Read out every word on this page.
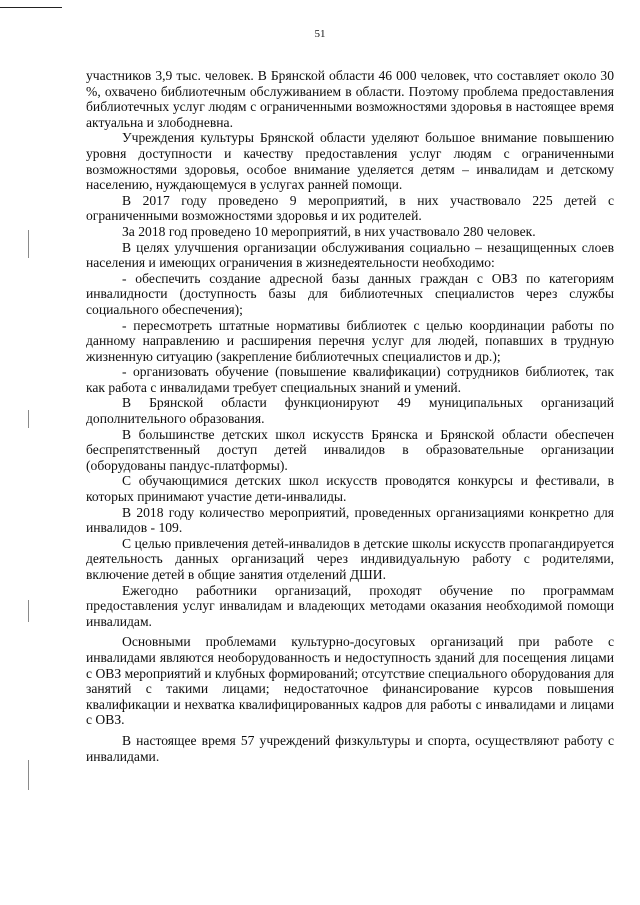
51

участников 3,9 тыс. человек. В Брянской области 46 000 человек, что составляет около 30 %, охвачено библиотечным обслуживанием в области. Поэтому проблема предоставления библиотечных услуг людям с ограниченными возможностями здоровья в настоящее время актуальна и злободневна.

Учреждения культуры Брянской области уделяют большое внимание повышению уровня доступности и качеству предоставления услуг людям с ограниченными возможностями здоровья, особое внимание уделяется детям – инвалидам и детскому населению, нуждающемуся в услугах ранней помощи.

В 2017 году проведено 9 мероприятий, в них участвовало 225 детей с ограниченными возможностями здоровья и их родителей.

За 2018 год проведено 10 мероприятий, в них участвовало 280 человек.

В целях улучшения организации обслуживания социально – незащищенных слоев населения и имеющих ограничения в жизнедеятельности необходимо:

- обеспечить создание адресной базы данных граждан с ОВЗ по категориям инвалидности (доступность базы для библиотечных специалистов через службы социального обеспечения);

- пересмотреть штатные нормативы библиотек с целью координации работы по данному направлению и расширения перечня услуг для людей, попавших в трудную жизненную ситуацию (закрепление библиотечных специалистов и др.);

- организовать обучение (повышение квалификации) сотрудников библиотек, так как работа с инвалидами требует специальных знаний и умений.

В Брянской области функционируют 49 муниципальных организаций дополнительного образования.

В большинстве детских школ искусств Брянска и Брянской области обеспечен беспрепятственный доступ детей инвалидов в образовательные организации (оборудованы пандус-платформы).

С обучающимися детских школ искусств проводятся конкурсы и фестивали, в которых принимают участие дети-инвалиды.

В 2018 году количество мероприятий, проведенных организациями конкретно для инвалидов - 109.

С целью привлечения детей-инвалидов в детские школы искусств пропагандируется деятельность данных организаций через индивидуальную работу с родителями, включение детей в общие занятия отделений ДШИ.

Ежегодно работники организаций, проходят обучение по программам предоставления услуг инвалидам и владеющих методами оказания необходимой помощи инвалидам.

Основными проблемами культурно-досуговых организаций при работе с инвалидами являются необорудованность и недоступность зданий для посещения лицами с ОВЗ мероприятий и клубных формирований; отсутствие специального оборудования для занятий с такими лицами; недостаточное финансирование курсов повышения квалификации и нехватка квалифицированных кадров для работы с инвалидами и лицами с ОВЗ.

В настоящее время 57 учреждений физкультуры и спорта, осуществляют работу с инвалидами.
